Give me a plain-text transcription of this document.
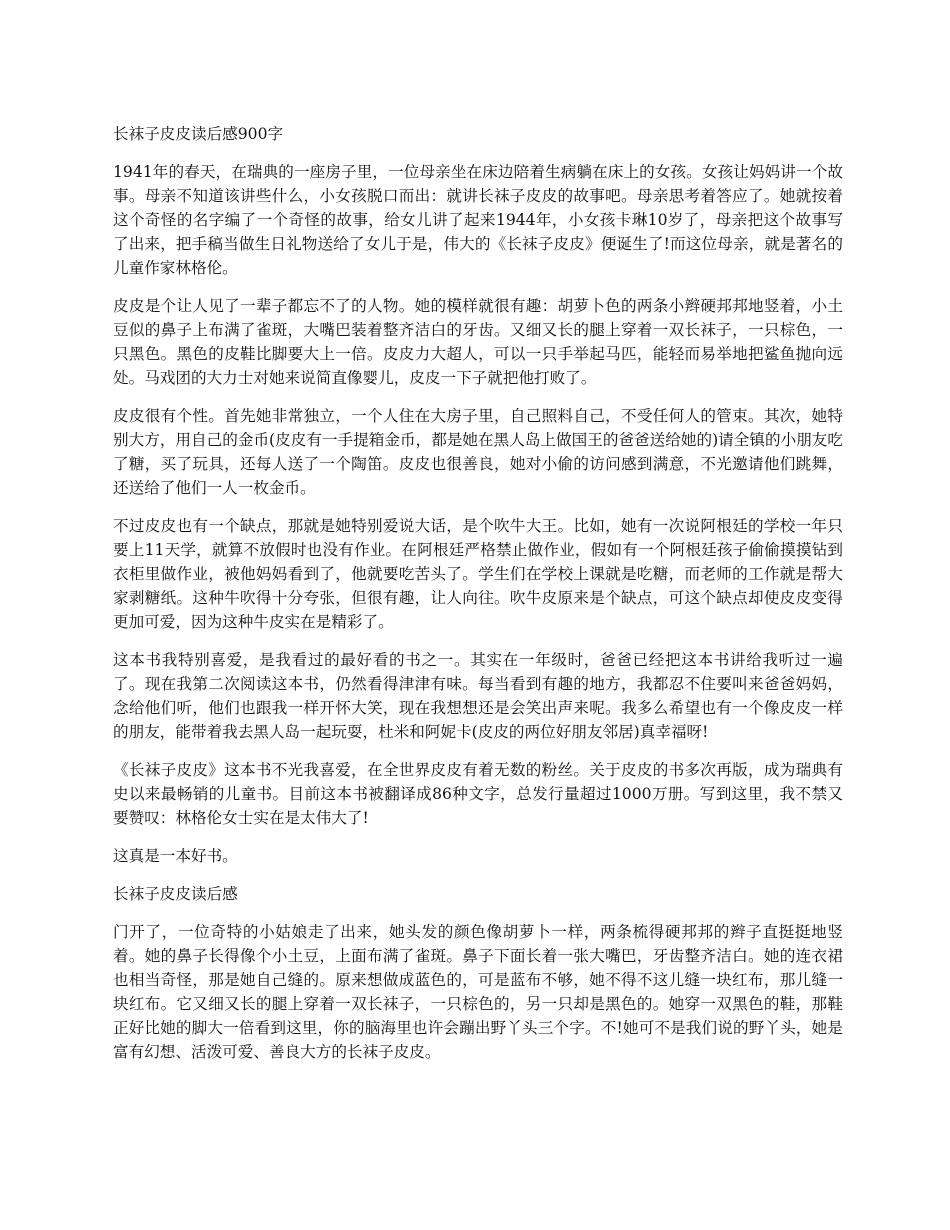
长袜子皮皮读后感900字

1941年的春天，在瑞典的一座房子里，一位母亲坐在床边陪着生病躺在床上的女孩。女孩让妈妈讲一个故事。母亲不知道该讲些什么，小女孩脱口而出：就讲长袜子皮皮的故事吧。母亲思考着答应了。她就按着这个奇怪的名字编了一个奇怪的故事，给女儿讲了起来1944年，小女孩卡琳10岁了，母亲把这个故事写了出来，把手稿当做生日礼物送给了女儿于是，伟大的《长袜子皮皮》便诞生了!而这位母亲，就是著名的儿童作家林格伦。

皮皮是个让人见了一辈子都忘不了的人物。她的模样就很有趣：胡萝卜色的两条小辫硬邦邦地竖着，小土豆似的鼻子上布满了雀斑，大嘴巴装着整齐洁白的牙齿。又细又长的腿上穿着一双长袜子，一只棕色，一只黑色。黑色的皮鞋比脚要大上一倍。皮皮力大超人，可以一只手举起马匹，能轻而易举地把鲨鱼抛向远处。马戏团的大力士对她来说简直像婴儿，皮皮一下子就把他打败了。

皮皮很有个性。首先她非常独立，一个人住在大房子里，自己照料自己，不受任何人的管束。其次，她特别大方，用自己的金币(皮皮有一手提箱金币，都是她在黑人岛上做国王的爸爸送给她的)请全镇的小朋友吃了糖，买了玩具，还每人送了一个陶笛。皮皮也很善良，她对小偷的访问感到满意，不光邀请他们跳舞，还送给了他们一人一枚金币。

不过皮皮也有一个缺点，那就是她特别爱说大话，是个吹牛大王。比如，她有一次说阿根廷的学校一年只要上11天学，就算不放假时也没有作业。在阿根廷严格禁止做作业，假如有一个阿根廷孩子偷偷摸摸钻到衣柜里做作业，被他妈妈看到了，他就要吃苦头了。学生们在学校上课就是吃糖，而老师的工作就是帮大家剥糖纸。这种牛吹得十分夸张，但很有趣，让人向往。吹牛皮原来是个缺点，可这个缺点却使皮皮变得更加可爱，因为这种牛皮实在是精彩了。

这本书我特别喜爱，是我看过的最好看的书之一。其实在一年级时，爸爸已经把这本书讲给我听过一遍了。现在我第二次阅读这本书，仍然看得津津有味。每当看到有趣的地方，我都忍不住要叫来爸爸妈妈，念给他们听，他们也跟我一样开怀大笑，现在我想想还是会笑出声来呢。我多么希望也有一个像皮皮一样的朋友，能带着我去黑人岛一起玩耍，杜米和阿妮卡(皮皮的两位好朋友邻居)真幸福呀!

《长袜子皮皮》这本书不光我喜爱，在全世界皮皮有着无数的粉丝。关于皮皮的书多次再版，成为瑞典有史以来最畅销的儿童书。目前这本书被翻译成86种文字，总发行量超过1000万册。写到这里，我不禁又要赞叹：林格伦女士实在是太伟大了!

这真是一本好书。

长袜子皮皮读后感

门开了，一位奇特的小姑娘走了出来，她头发的颜色像胡萝卜一样，两条梳得硬邦邦的辫子直挺挺地竖着。她的鼻子长得像个小土豆，上面布满了雀斑。鼻子下面长着一张大嘴巴，牙齿整齐洁白。她的连衣裙也相当奇怪，那是她自己缝的。原来想做成蓝色的，可是蓝布不够，她不得不这儿缝一块红布，那儿缝一块红布。它又细又长的腿上穿着一双长袜子，一只棕色的，另一只却是黑色的。她穿一双黑色的鞋，那鞋正好比她的脚大一倍看到这里，你的脑海里也许会蹦出野丫头三个字。不!她可不是我们说的野丫头，她是富有幻想、活泼可爱、善良大方的长袜子皮皮。
